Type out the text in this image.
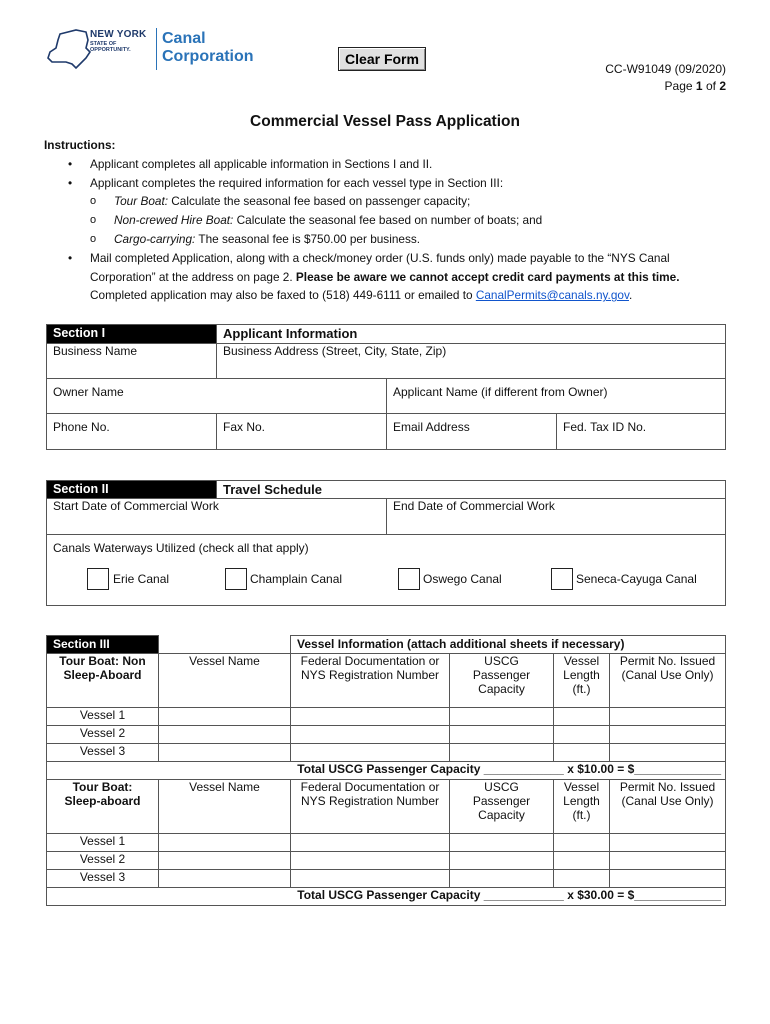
NEW YORK
STATE OF OPPORTUNITY.
Canal
Corporation	Clear Form
CC-W91049 (09/2020)
Page 1 of 2
Commercial Vessel Pass Application
Instructions:
• Applicant completes all applicable information in Sections I and II.
• Applicant completes the required information for each vessel type in Section III:
o Tour Boat: Calculate the seasonal fee based on passenger capacity;
o Non-crewed Hire Boat: Calculate the seasonal fee based on number of boats; and
o Cargo-carrying: The seasonal fee is $750.00 per business.
• Mail completed Application, along with a check/money order (U.S. funds only) made payable to the “NYS Canal Corporation” at the address on page 2. Please be aware we cannot accept credit card payments at this time.
Completed application may also be faxed to (518) 449-6111 or emailed to CanalPermits@canals.ny.gov.
Section I	Applicant Information		
Business Name	Business Address (Street, City, State, Zip)		
Owner Name		Applicant Name (if different from Owner)	
Phone No.	Fax No.	Email Address	Fed. Tax ID No.
Section II	Travel Schedule	
Start Date of Commercial Work		End Date of Commercial Work

Canals Waterways Utilized (check all that apply)
Erie Canal Champlain Canal Oswego Canal Seneca-Cayuga Canal		
Section III		Vessel Information (attach additional sheets if necessary)			
Tour Boat: Non Sleep-Aboard	Vessel Name	Federal Documentation or NYS Registration Number	USCG Passenger Capacity	Vessel Length (ft.)	Permit No. Issued (Canal Use Only)
Vessel 1					
Vessel 2					
Vessel 3					
Total USCG Passenger Capacity ____________ x $10.00 = $_____________					
Tour Boat: Sleep-aboard	Vessel Name	Federal Documentation or NYS Registration Number	USCG Passenger Capacity	Vessel Length (ft.)	Permit No. Issued (Canal Use Only)
Vessel 1					
Vessel 2					
Vessel 3					
Total USCG Passenger Capacity ____________ x $30.00 = $_____________					
